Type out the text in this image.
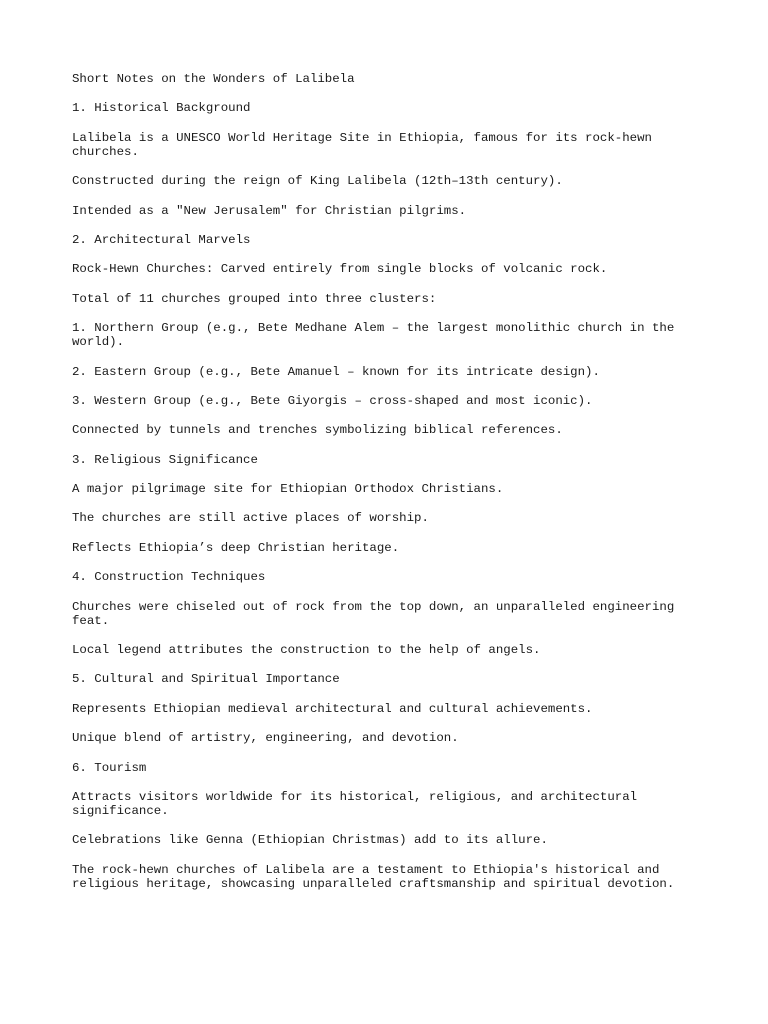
Short Notes on the Wonders of Lalibela

1. Historical Background

Lalibela is a UNESCO World Heritage Site in Ethiopia, famous for its rock-hewn
churches.

Constructed during the reign of King Lalibela (12th–13th century).

Intended as a "New Jerusalem" for Christian pilgrims.

2. Architectural Marvels

Rock-Hewn Churches: Carved entirely from single blocks of volcanic rock.

Total of 11 churches grouped into three clusters:

1. Northern Group (e.g., Bete Medhane Alem – the largest monolithic church in the
world).

2. Eastern Group (e.g., Bete Amanuel – known for its intricate design).

3. Western Group (e.g., Bete Giyorgis – cross-shaped and most iconic).

Connected by tunnels and trenches symbolizing biblical references.

3. Religious Significance

A major pilgrimage site for Ethiopian Orthodox Christians.

The churches are still active places of worship.

Reflects Ethiopia’s deep Christian heritage.

4. Construction Techniques

Churches were chiseled out of rock from the top down, an unparalleled engineering
feat.

Local legend attributes the construction to the help of angels.

5. Cultural and Spiritual Importance

Represents Ethiopian medieval architectural and cultural achievements.

Unique blend of artistry, engineering, and devotion.

6. Tourism

Attracts visitors worldwide for its historical, religious, and architectural
significance.

Celebrations like Genna (Ethiopian Christmas) add to its allure.

The rock-hewn churches of Lalibela are a testament to Ethiopia's historical and
religious heritage, showcasing unparalleled craftsmanship and spiritual devotion.
